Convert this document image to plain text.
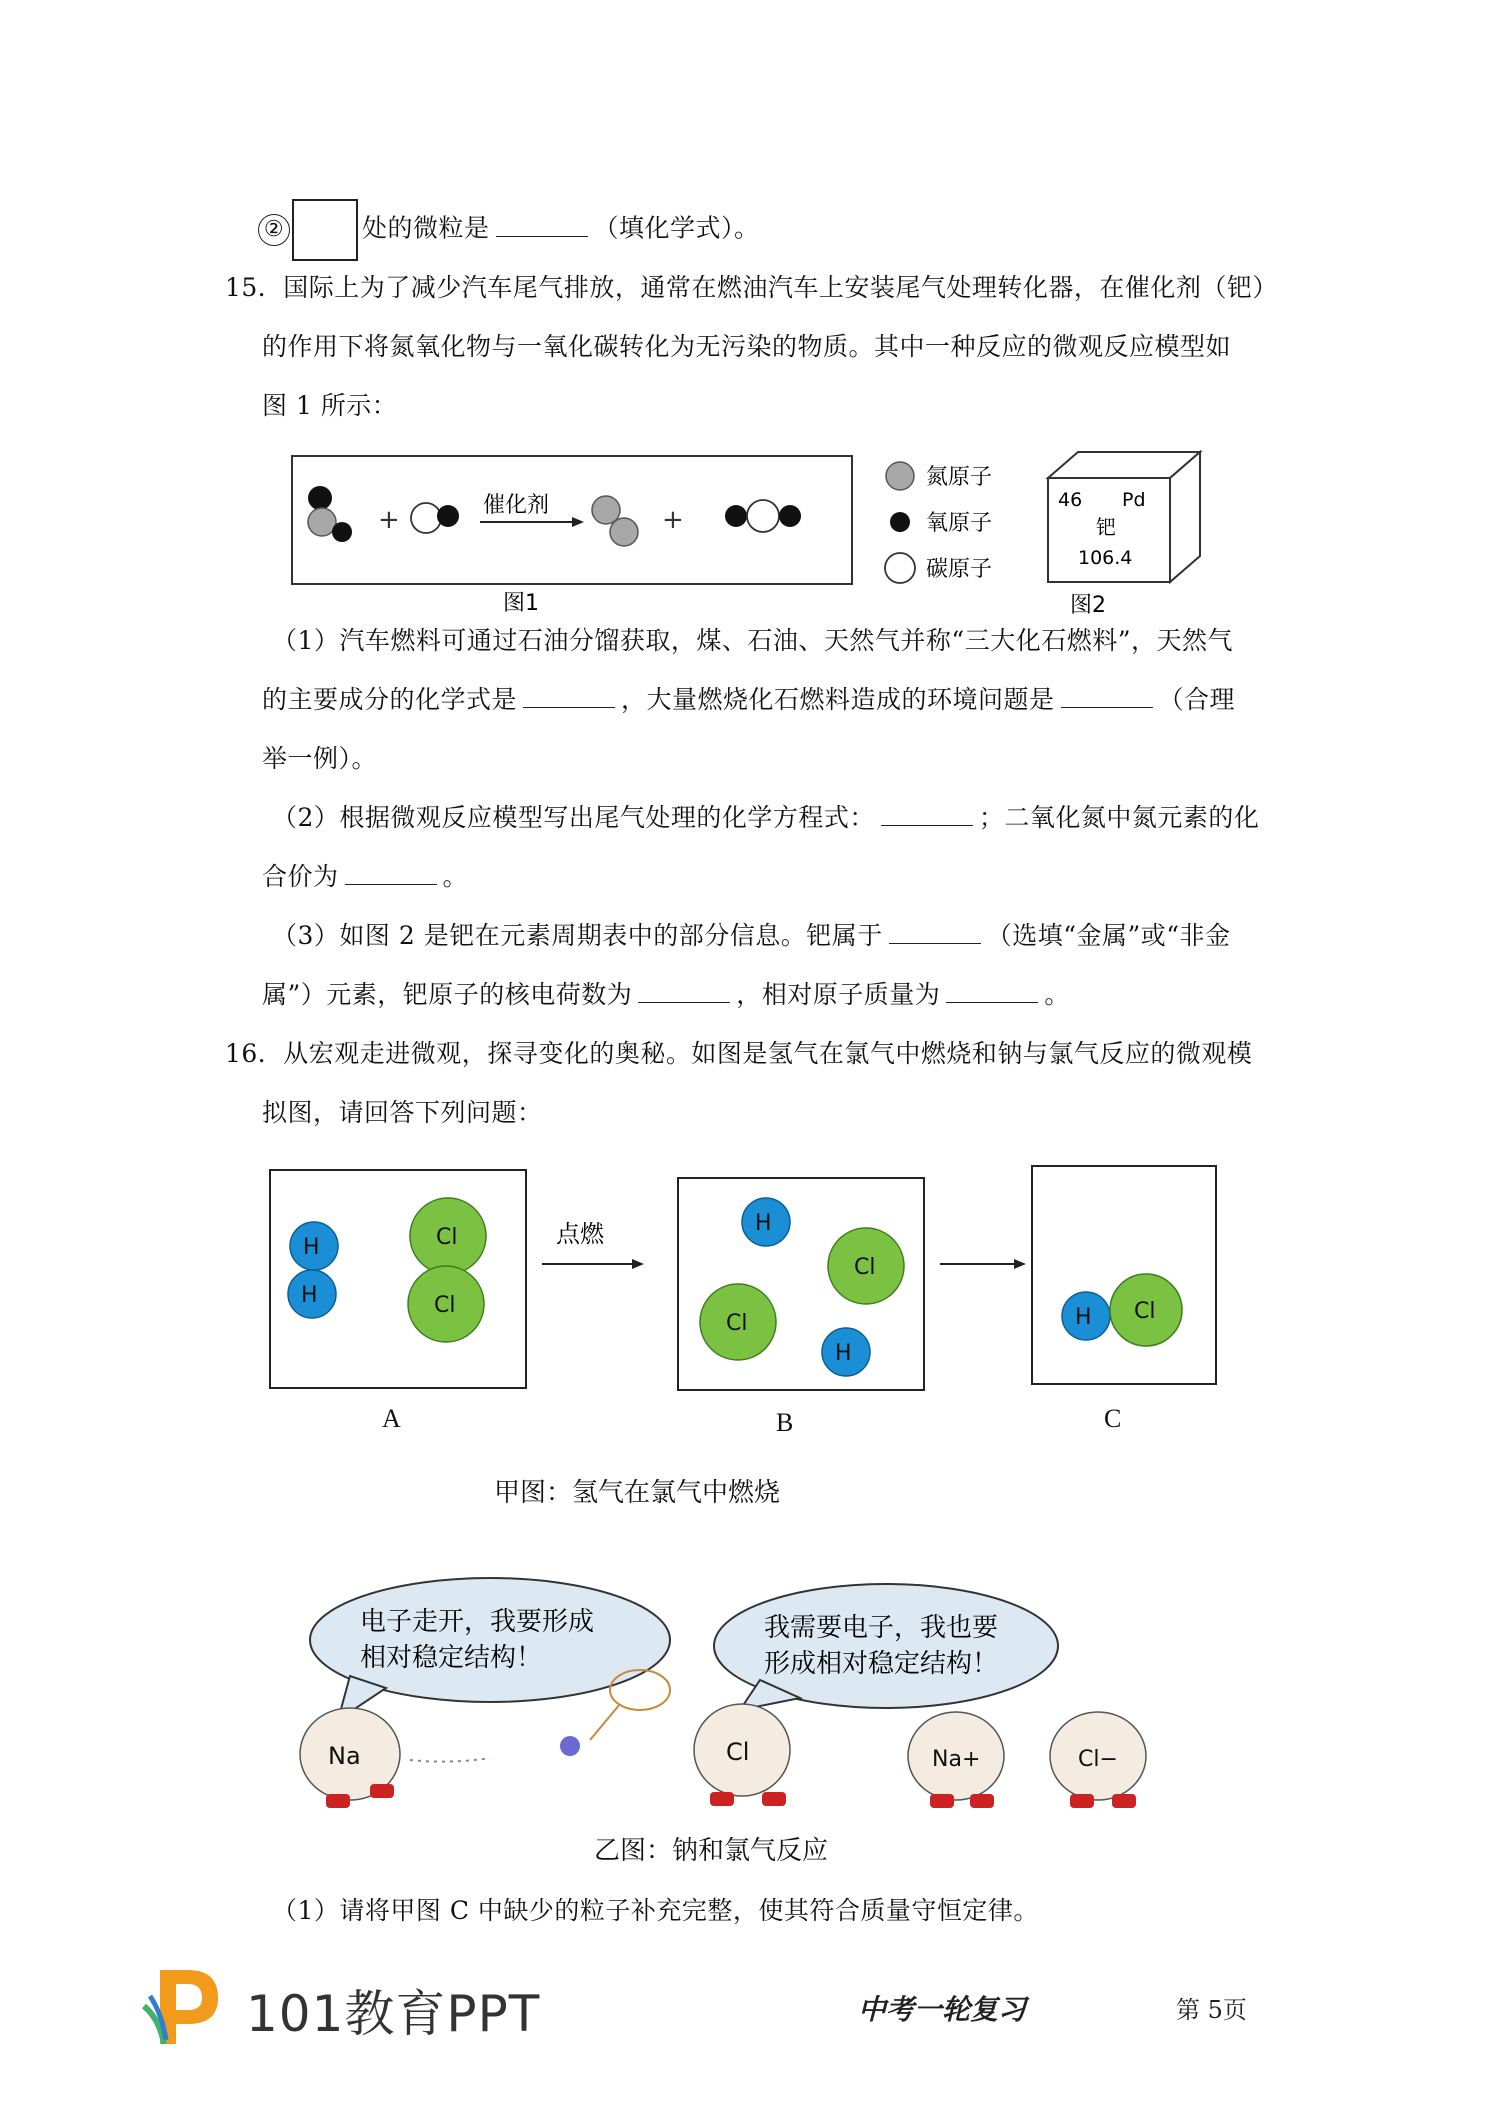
②	处的微粒是	（填化学式）。
15．国际上为了减少汽车尾气排放，通常在燃油汽车上安装尾气处理转化器，在催化剂（钯）
的作用下将氮氧化物与一氧化碳转化为无污染的物质。其中一种反应的微观反应模型如
图 1 所示：
+	催化剂	+
图1
氮原子
氧原子
碳原子
46 Pd
钯
106.4
图2
（1）汽车燃料可通过石油分馏获取，煤、石油、天然气并称“三大化石燃料”，天然气
的主要成分的化学式是	，大量燃烧化石燃料造成的环境问题是	（合理
举一例）。
（2）根据微观反应模型写出尾气处理的化学方程式：	；二氧化氮中氮元素的化
合价为	。
（3）如图 2 是钯在元素周期表中的部分信息。钯属于	（选填“金属”或“非金
属”）元素，钯原子的核电荷数为	，相对原子质量为	。
16．从宏观走进微观，探寻变化的奥秘。如图是氢气在氯气中燃烧和钠与氯气反应的微观模
拟图，请回答下列问题：
H
H
Cl
Cl
点燃	H
Cl
Cl
H
H Cl
A	B	C
甲图：氢气在氯气中燃烧
电子走开，我要形成
相对稳定结构！
我需要电子，我也要
形成相对稳定结构！
Na	Cl	Na+	Cl−
乙图：钠和氯气反应
（1）请将甲图 C 中缺少的粒子补充完整，使其符合质量守恒定律。
101教育PPT	中考一轮复习	第 5页
